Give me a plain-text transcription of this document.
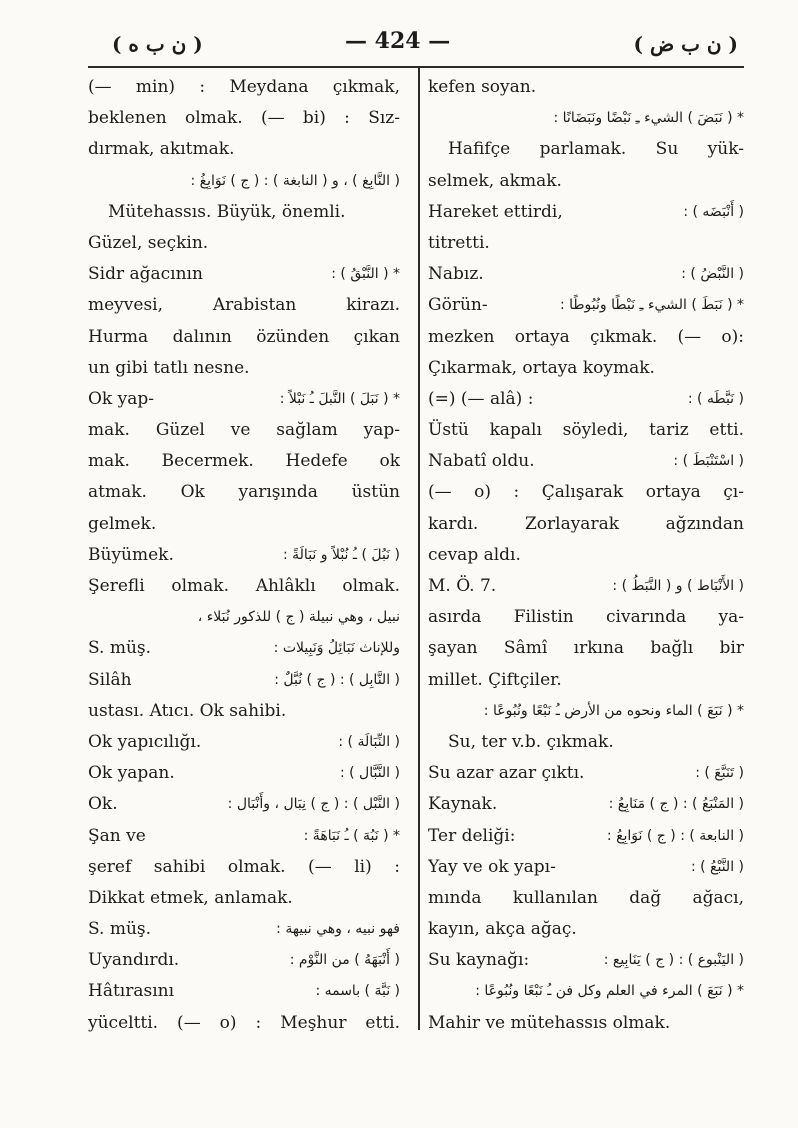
( ن ب ه )	— 424 —	( ن ب ض )
(— min) : Meydana çıkmak,
beklenen olmak. (— bi) : Sız-
dırmak, akıtmak.
( النَّابِغ ) ، و ( النابغة ) : ( ج ) نَوَابِغُ :
Mütehassıs. Büyük, önemli.
Güzel, seçkin.
Sidr ağacının	* ( النَّبْقُ ) :
meyvesi, Arabistan kirazı.
Hurma dalının özünden çıkan
un gibi tatlı nesne.
Ok yap-	* ( نَبَلَ ) النَّبلَ ـُ نَبْلاً :
mak. Güzel ve sağlam yap-
mak. Becermek. Hedefe ok
atmak. Ok yarışında üstün
gelmek.
Büyümek.	( نَبُلَ ) ـُ نُبْلاً و نَبَالَةً :
Şerefli olmak. Ahlâklı olmak.
نبيل ، وهي نبيلة ( ج ) للذكور نُبَلاء ،
S. müş.	وللإناث نَبَائِلُ وَنَبِيلات :
Silâh	( النَّابِل ) : ( ج ) نُبَّلٌ :
ustası. Atıcı. Ok sahibi.
Ok yapıcılığı.	( النِّبَالَة ) :
Ok yapan.	( النَّبَّال ) :
Ok.	( النَّبْل ) : ( ج ) نِبَال ، وأَنْبَال :
Şan ve	* ( نَبُهَ ) ـُ نَبَاهَةً :
şeref sahibi olmak. (— li) :
Dikkat etmek, anlamak.
S. müş.	فهو نبيه ، وهي نبيهة :
Uyandırdı.	( أَنْبَهَهُ ) من النَّوْم :
Hâtırasını	( نَبَّهَ ) باسمه :
yüceltti. (— o) : Meşhur etti.
kefen soyan.
* ( نَبَضَ ) الشيء ـِ نَبْضًا ونَبَضَانًا :
Hafifçe parlamak. Su yük-
selmek, akmak.
Hareket ettirdi,	( أَنْبَضَه ) :
titretti.
Nabız.	( النَّبْضُ ) :
Görün-	* ( نَبَطَ ) الشيء ـِ نَبْطًا ونُبُوطًا :
mezken ortaya çıkmak. (— o):
Çıkarmak, ortaya koymak.
(=) (— alâ) :	( نَبَّطَه ) :
Üstü kapalı söyledi, tariz etti.
Nabatî oldu.	( اسْتَنْبَطَ ) :
(— o) : Çalışarak ortaya çı-
kardı. Zorlayarak ağzından
cevap aldı.
M. Ö. 7.	( الأَنْبَاط ) و ( النَّبَطُ ) :
asırda Filistin civarında ya-
şayan Sâmî ırkına bağlı bir
millet. Çiftçiler.
* ( نَبَعَ ) الماء ونحوه من الأرض ـُ نَبْعًا ونُبُوعًا :
Su, ter v.b. çıkmak.
Su azar azar çıktı.	( تَنَبَّعَ ) :
Kaynak.	( المَنْبَعُ ) : ( ج ) مَنَابِعُ :
Ter deliği:	( النابعة ) : ( ج ) نَوَابِعُ :
Yay ve ok yapı-	( النَّبْعُ ) :
mında kullanılan dağ ağacı,
kayın, akça ağaç.
Su kaynağı:	( اليَنْبوع ) : ( ج ) يَنَابِيع :
* ( نَبَعَ ) المرء في العلم وكل فن ـُ نَبْعًا ونُبُوعًا :
Mahir ve mütehassıs olmak.
